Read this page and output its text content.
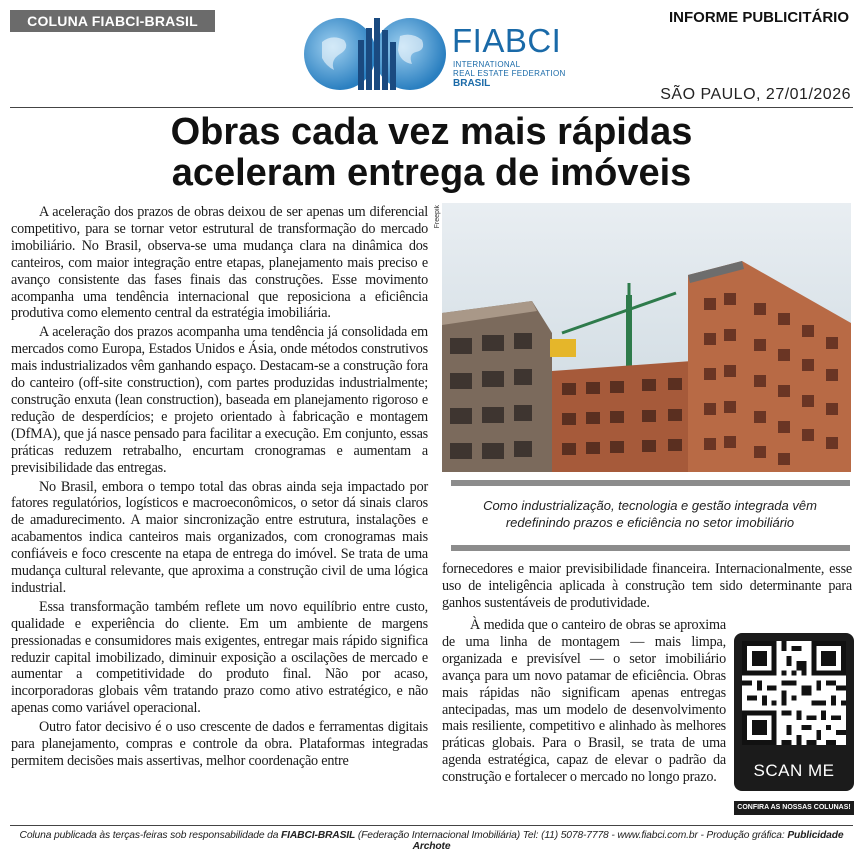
COLUNA FIABCI-BRASIL	INFORME PUBLICITÁRIO
FIABCI
INTERNATIONAL
REAL ESTATE FEDERATION
BRASIL
SÃO PAULO, 27/01/2026
Obras cada vez mais rápidas
aceleram entrega de imóveis

A aceleração dos prazos de obras deixou de ser apenas um diferencial competitivo, para se tornar vetor estrutural de transformação do mercado imobiliário. No Brasil, observa-se uma mudança clara na dinâmica dos canteiros, com maior integração entre etapas, planejamento mais preciso e avanço consistente das fases finais das construções. Esse movimento acompanha uma tendência internacional que reposiciona a eficiência produtiva como elemento central da estratégia imobiliária.

A aceleração dos prazos acompanha uma tendência já consolidada em mercados como Europa, Estados Unidos e Ásia, onde métodos construtivos mais industrializados vêm ganhando espaço. Destacam-se a construção fora do canteiro (off-site construction), com partes produzidas industrialmente; construção enxuta (lean construction), baseada em planejamento rigoroso e redução de desperdícios; e projeto orientado à fabricação e montagem (DfMA), que já nasce pensado para facilitar a execução. Em conjunto, essas práticas reduzem retrabalho, encurtam cronogramas e aumentam a previsibilidade das entregas.

No Brasil, embora o tempo total das obras ainda seja impactado por fatores regulatórios, logísticos e macroeconômicos, o setor dá sinais claros de amadurecimento. A maior sincronização entre estrutura, instalações e acabamentos indica canteiros mais organizados, com cronogramas mais confiáveis e foco crescente na etapa de entrega do imóvel. Se trata de uma mudança cultural relevante, que aproxima a construção civil de uma lógica industrial.

Essa transformação também reflete um novo equilíbrio entre custo, qualidade e experiência do cliente. Em um ambiente de margens pressionadas e consumidores mais exigentes, entregar mais rápido significa reduzir capital imobilizado, diminuir exposição a oscilações de mercado e aumentar a competitividade do produto final. Não por acaso, incorporadoras globais vêm tratando prazo como ativo estratégico, e não apenas como variável operacional.

Outro fator decisivo é o uso crescente de dados e ferramentas digitais para planejamento, compras e controle da obra. Plataformas integradas permitem decisões mais assertivas, melhor coordenação entre

Freepik
Como industrialização, tecnologia e gestão integrada vêm
redefinindo prazos e eficiência no setor imobiliário

fornecedores e maior previsibilidade financeira. Internacionalmente, esse uso de inteligência aplicada à construção tem sido determinante para ganhos sustentáveis de produtividade.

À medida que o canteiro de obras se aproxima de uma linha de montagem — mais limpa, organizada e previsível — o setor imobiliário avança para um novo patamar de eficiência. Obras mais rápidas não significam apenas entregas antecipadas, mas um modelo de desenvolvimento mais resiliente, competitivo e alinhado às melhores práticas globais. Para o Brasil, se trata de uma agenda estratégica, capaz de elevar o padrão da construção e fortalecer o mercado no longo prazo.	SCAN ME
CONFIRA AS NOSSAS COLUNAS!
Coluna publicada às terças-feiras sob responsabilidade da FIABCI-BRASIL (Federação Internacional Imobiliária) Tel: (11) 5078-7778 - www.fiabci.com.br - Produção gráfica: Publicidade Archote
